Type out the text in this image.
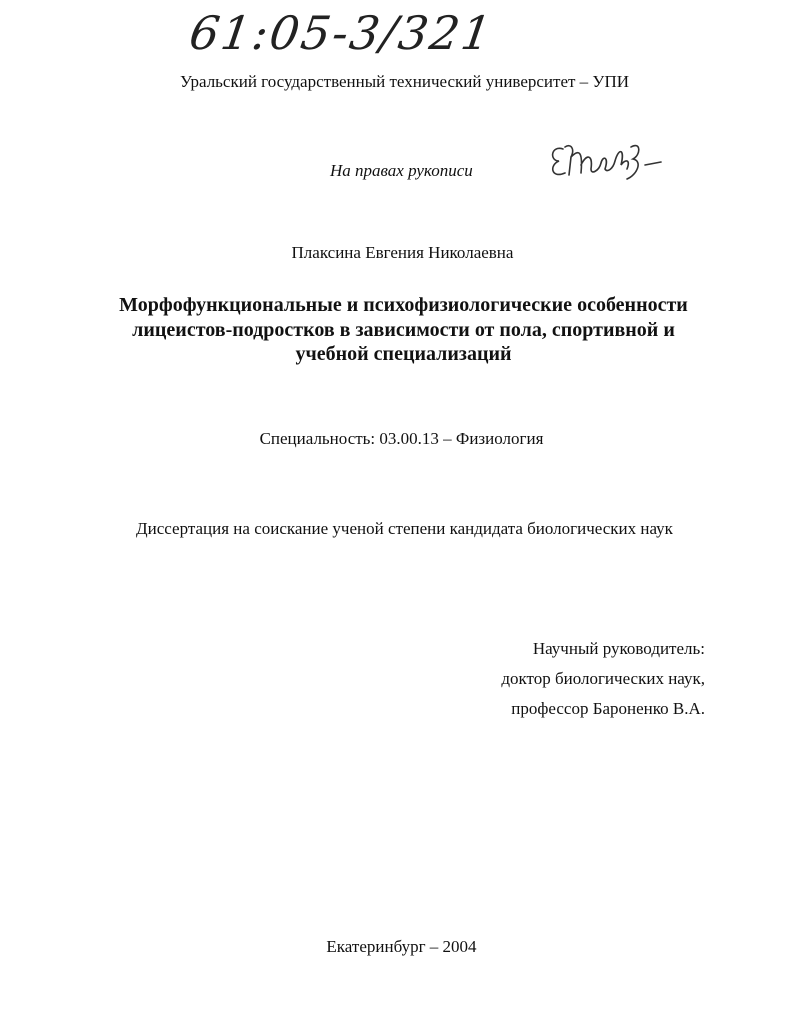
61:05-3/321
Уральский государственный технический университет – УПИ
На правах рукописи
Плаксина Евгения Николаевна
Морфофункциональные и психофизиологические особенности
лицеистов-подростков в зависимости от пола, спортивной и
учебной специализаций
Специальность: 03.00.13 – Физиология
Диссертация на соискание ученой степени кандидата биологических наук
Научный руководитель:
доктор биологических наук,
профессор Бароненко В.А.
Екатеринбург – 2004
